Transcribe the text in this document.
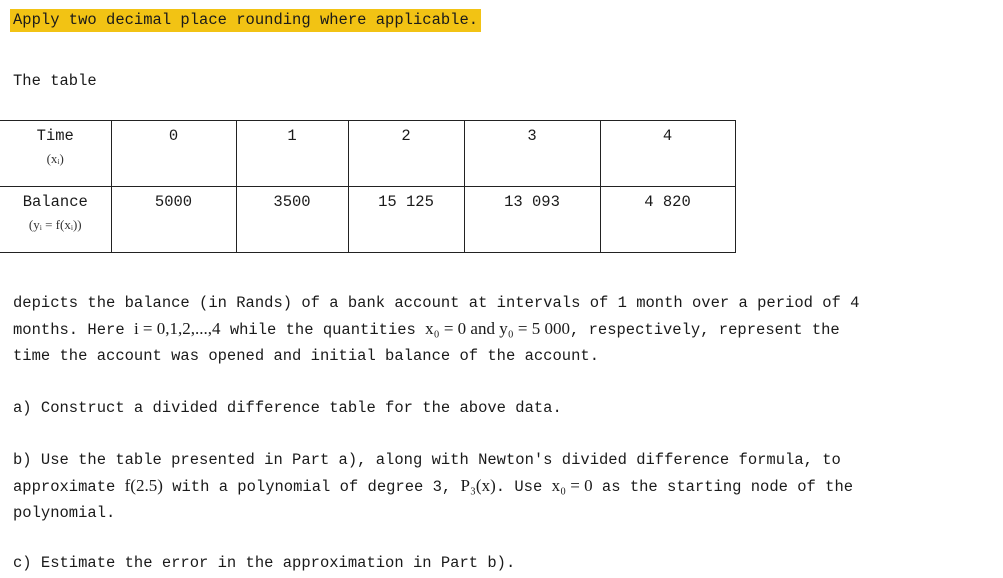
Apply two decimal place rounding where applicable.
The table
Time
(xᵢ)	0	1	2	3	4

Balance
(yᵢ = f(xᵢ))	5000	3500	15 125	13 093	4 820
depicts the balance (in Rands) of a bank account at intervals of 1 month over a period of 4
months. Here i = 0,1,2,...,4 while the quantities x₀ = 0 and y₀ = 5 000, respectively, represent the
time the account was opened and initial balance of the account.
a) Construct a divided difference table for the above data.
b) Use the table presented in Part a), along with Newton's divided difference formula, to
approximate f(2.5) with a polynomial of degree 3, P₃(x). Use x₀ = 0 as the starting node of the
polynomial.
c) Estimate the error in the approximation in Part b).
